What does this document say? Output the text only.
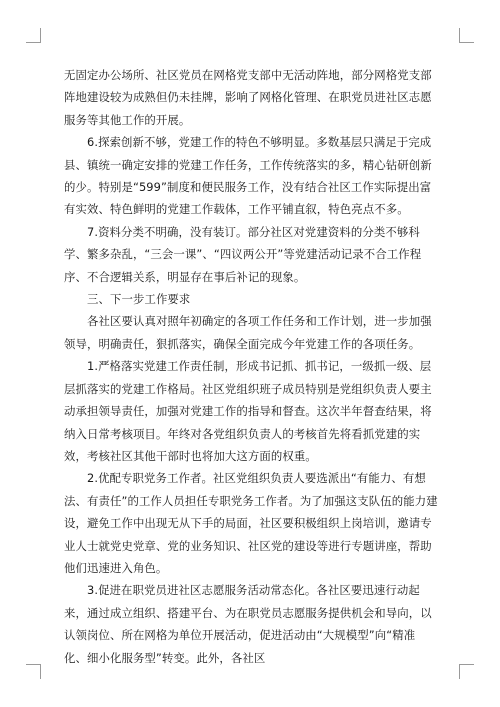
无固定办公场所、社区党员在网格党支部中无活动阵地，部分网格党支部阵地建设较为成熟但仍未挂牌，影响了网格化管理、在职党员进社区志愿服务等其他工作的开展。

6.探索创新不够，党建工作的特色不够明显。多数基层只满足于完成县、镇统一确定安排的党建工作任务，工作传统落实的多，精心钻研创新的少。特别是“599”制度和便民服务工作，没有结合社区工作实际提出富有实效、特色鲜明的党建工作载体，工作平铺直叙，特色亮点不多。

7.资料分类不明确，没有装订。部分社区对党建资料的分类不够科学、繁多杂乱，“三会一课”、“四议两公开”等党建活动记录不合工作程序、不合逻辑关系，明显存在事后补记的现象。

三、下一步工作要求

各社区要认真对照年初确定的各项工作任务和工作计划，进一步加强领导，明确责任，狠抓落实，确保全面完成今年党建工作的各项任务。

1.严格落实党建工作责任制，形成书记抓、抓书记，一级抓一级、层层抓落实的党建工作格局。社区党组织班子成员特别是党组织负责人要主动承担领导责任，加强对党建工作的指导和督查。这次半年督查结果，将纳入日常考核项目。年终对各党组织负责人的考核首先将看抓党建的实效，考核社区其他干部时也将加大这方面的权重。

2.优配专职党务工作者。社区党组织负责人要选派出“有能力、有想法、有责任”的工作人员担任专职党务工作者。为了加强这支队伍的能力建设，避免工作中出现无从下手的局面，社区要积极组织上岗培训，邀请专业人士就党史党章、党的业务知识、社区党的建设等进行专题讲座，帮助他们迅速进入角色。

3.促进在职党员进社区志愿服务活动常态化。各社区要迅速行动起来，通过成立组织、搭建平台、为在职党员志愿服务提供机会和导向，以认领岗位、所在网格为单位开展活动，促进活动由“大规模型”向“精准化、细小化服务型”转变。此外，各社区
